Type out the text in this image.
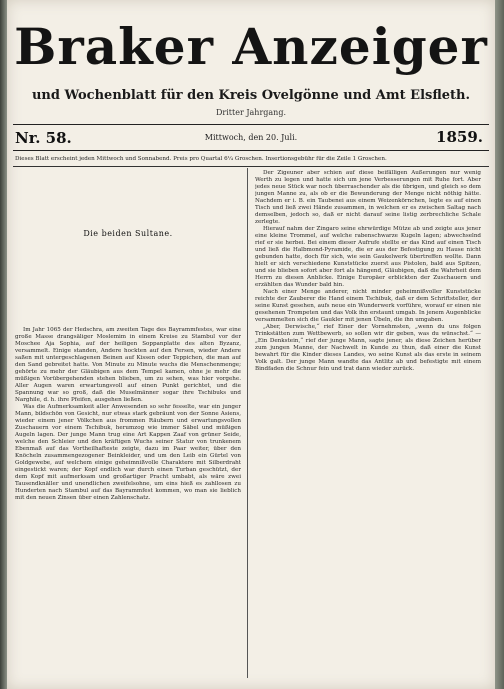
Braker Anzeiger
und Wochenblatt für den Kreis Ovelgönne und Amt Elsfleth.
Dritter Jahrgang.
Nr. 58.	Mittwoch, den 20. Juli.	1859.
Dieses Blatt erscheint jeden Mittwoch und Sonnabend. Preis pro Quartal 6¼ Groschen. Insertionsgebühr für die Zeile 1 Groschen.
Die beiden Sultane.

Im Jahr 1065 der Hedschra, am zweiten Tage des Bayrammfestes, war eine große Masse drangsäliger Moslemim in einem Kreise zu Stambul vor der Moschee Aja Sophia, auf der heiligen Soppanplatte des alten Byzanz, versammelt. Einige standen, Andere hockten auf den Fersen, wieder Andere saßen mit untergeschlagenen Beinen auf Kissen oder Teppichen, die man auf den Sand gebreitet hatte. Von Minute zu Minute wuchs die Menschenmenge; gehörte zu mehr der Gläubigen aus dem Tempel kamen, ohne je mehr die müßigen Vorübergehenden stehen blieben, um zu sehen, was hier vorgehe. Aller Augen waren erwartungsvoll auf einen Punkt gerichtet, und die Spannung war so groß, daß die Muselmänner sogar ihre Tschibuks und Narghile, d. h. ihre Pfeifen, ausgehen ließen.

Was die Aufmerksamkeit aller Anwesenden so sehr fesselte, war ein junger Mann, bildschön von Gesicht, nur etwas stark gebräunt von der Sonne Asiens, wieder einem jener Völkchen aus frommen Räubern und erwartungsvollen Zuschauern vor einem Tschibuk, herumzog wie immer Säbel und müßigen Augeln lagen. Der junge Mann trug eine Art Kappen Zaaf von grüner Seide, welche den Schleier und den kräftigen Wuchs seiner Statur von trunkenem Ebenmaß auf das Vortheilhafteste zeigte, dazu im Paar weiter, über den Knöcheln zusammengezogener Beinkleider, und um den Leib ein Gürtel von Goldgewebe, auf welchem einige geheimnißvolle Charaktere mit Silberdraht eingestickt waren; der Kopf endlich war durch einen Turban geschützt, der dem Kopf mit aufmerksam und großartiger Pracht umbabt, als wäre zwei Tausendknäller und unendlichen zweifelsohne, um eins hieß es zahllosen zu Hunderten nach Stambul auf das Bayrammfest kommen, wo man sie lieblich mit den neuen Zinsen über einen Zahlenschatz.

Der Zigeuner aber schien auf diese beifälligen Äußerungen nur wenig Werth zu legen und hatte sich um jene Verbesserungen mit Ruhe fort. Aber jedes neue Stück war noch überraschender als die übrigen, und gleich so dem jungen Manne zu, als ob er die Bewunderung der Menge nicht nöthig hätte. Nachdem er i. B. ein Taubenei aus einem Weizenkörnchen, legte es auf einen Tisch und ließ zwei Hände zusammen, in welchen er es zwischen Saltag nach demselben, jedoch so, daß er nicht darauf seine listig zerbrechliche Schale zerlegte.

Hierauf nahm der Zingaro seine ehrwürdige Mütze ab und zeigte aus jener eine kleine Trommel, auf welche rabenschwarze Kugeln lagen; abwechselnd rief er sie herbei. Bei einem dieser Aufrufe stellte er das Kind auf einen Tisch und ließ die Halbmond-Pyramide, die er aus der Befestigung zu Hause nicht gebunden hatte, doch für sich, wie sein Gaukelwerk übertreffen wollte. Dann hielt er sich verschiedene Kunststücke zuerst aus Pistolen, bald aus Spitzen, und sie blieben sofort aber fort als hängend, Gläubigen, daß die Wahrheit dem Herrn zu diesen Anblicke. Einige Europäer erblickten der Zuschauern und erzählten das Wunder bald hin.

Nach einer Menge anderer, nicht minder geheimnißvoller Kunststücke reichte der Zauberer die Hand einem Tschibuk, daß er dem Schriftsteller, der seine Kunst gesehen, aufs neue ein Wunderwerk vorführe, worauf er einen nie gesehenen Trompeten und das Volk ihn erstaunt umgab. In jenem Augenblicke versammelten sich die Gaukler mit jenen Übeln, die ihn umgaben.

„Aber, Derwische,“ rief Einer der Vornehmsten, „wenn du uns folgen Trinkstätten zum Wettbewerb, so sollen wir dir geben, was du wünschst.“ — „Ein Denkstein,“ rief der junge Mann, sagte jener, als diese Zeichen herüber zum jungen Manne, der Nachwelt in Kunde zu thun, daß einer die Kunst bewahrt für die Kinder dieses Landes, wo seine Kunst als das erste in seinem Volk galt. Der junge Mann wandte das Antlitz ab und befestigte mit einem Bindfaden die Schnur fein und trat dann wieder zurück.
